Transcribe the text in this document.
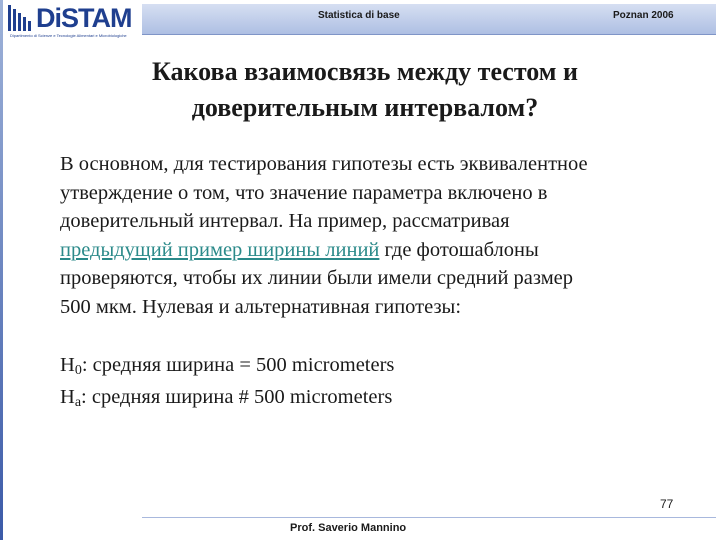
DiSTAM
Dipartimento di Scienze e Tecnologie Alimentari e Microbiologiche
Statistica di base	Poznan 2006
Какова взаимосвязь между тестом и
доверительным интервалом?
В основном, для тестирования гипотезы есть эквивалентное
утверждение о том, что значение параметра включено в
доверительный интервал. На пример, рассматривая
предыдущий пример ширины линий где фотошаблоны
проверяются, чтобы их линии были имели средний размер
500 мкм. Нулевая и альтернативная гипотезы:
$H_0$: средняя ширина = 500 micrometers
$H_a$: средняя ширина # 500 micrometers
77
Prof. Saverio Mannino
